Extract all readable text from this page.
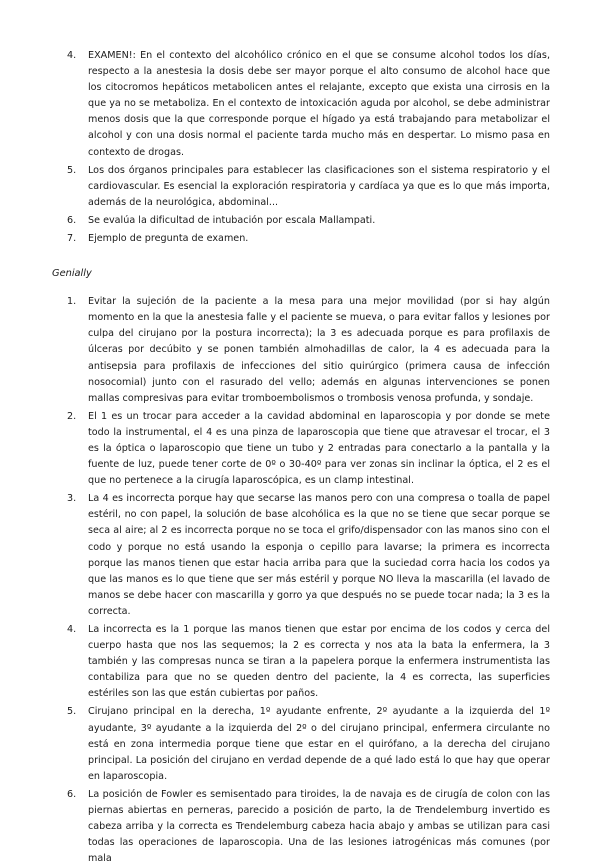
4. EXAMEN!: En el contexto del alcohólico crónico en el que se consume alcohol todos los días, respecto a la anestesia la dosis debe ser mayor porque el alto consumo de alcohol hace que los citocromos hepáticos metabolicen antes el relajante, excepto que exista una cirrosis en la que ya no se metaboliza. En el contexto de intoxicación aguda por alcohol, se debe administrar menos dosis que la que corresponde porque el hígado ya está trabajando para metabolizar el alcohol y con una dosis normal el paciente tarda mucho más en despertar. Lo mismo pasa en contexto de drogas.
5. Los dos órganos principales para establecer las clasificaciones son el sistema respiratorio y el cardiovascular. Es esencial la exploración respiratoria y cardíaca ya que es lo que más importa, además de la neurológica, abdominal...
6. Se evalúa la dificultad de intubación por escala Mallampati.
7. Ejemplo de pregunta de examen.
Genially
1. Evitar la sujeción de la paciente a la mesa para una mejor movilidad (por si hay algún momento en la que la anestesia falle y el paciente se mueva, o para evitar fallos y lesiones por culpa del cirujano por la postura incorrecta); la 3 es adecuada porque es para profilaxis de úlceras por decúbito y se ponen también almohadillas de calor, la 4 es adecuada para la antisepsia para profilaxis de infecciones del sitio quirúrgico (primera causa de infección nosocomial) junto con el rasurado del vello; además en algunas intervenciones se ponen mallas compresivas para evitar tromboembolismos o trombosis venosa profunda, y sondaje.
2. El 1 es un trocar para acceder a la cavidad abdominal en laparoscopia y por donde se mete todo la instrumental, el 4 es una pinza de laparoscopia que tiene que atravesar el trocar, el 3 es la óptica o laparoscopio que tiene un tubo y 2 entradas para conectarlo a la pantalla y la fuente de luz, puede tener corte de 0º o 30-40º para ver zonas sin inclinar la óptica, el 2 es el que no pertenece a la cirugía laparoscópica, es un clamp intestinal.
3. La 4 es incorrecta porque hay que secarse las manos pero con una compresa o toalla de papel estéril, no con papel, la solución de base alcohólica es la que no se tiene que secar porque se seca al aire; al 2 es incorrecta porque no se toca el grifo/dispensador con las manos sino con el codo y porque no está usando la esponja o cepillo para lavarse; la primera es incorrecta porque las manos tienen que estar hacia arriba para que la suciedad corra hacia los codos ya que las manos es lo que tiene que ser más estéril y porque NO lleva la mascarilla (el lavado de manos se debe hacer con mascarilla y gorro ya que después no se puede tocar nada; la 3 es la correcta.
4. La incorrecta es la 1 porque las manos tienen que estar por encima de los codos y cerca del cuerpo hasta que nos las sequemos; la 2 es correcta y nos ata la bata la enfermera, la 3 también y las compresas nunca se tiran a la papelera porque la enfermera instrumentista las contabiliza para que no se queden dentro del paciente, la 4 es correcta, las superficies estériles son las que están cubiertas por paños.
5. Cirujano principal en la derecha, 1º ayudante enfrente, 2º ayudante a la izquierda del 1º ayudante, 3º ayudante a la izquierda del 2º o del cirujano principal, enfermera circulante no está en zona intermedia porque tiene que estar en el quirófano, a la derecha del cirujano principal. La posición del cirujano en verdad depende de a qué lado está lo que hay que operar en laparoscopia.
6. La posición de Fowler es semisentado para tiroides, la de navaja es de cirugía de colon con las piernas abiertas en perneras, parecido a posición de parto, la de Trendelemburg invertido es cabeza arriba y la correcta es Trendelemburg cabeza hacia abajo y ambas se utilizan para casi todas las operaciones de laparoscopia. Una de las lesiones iatrogénicas más comunes (por mala
